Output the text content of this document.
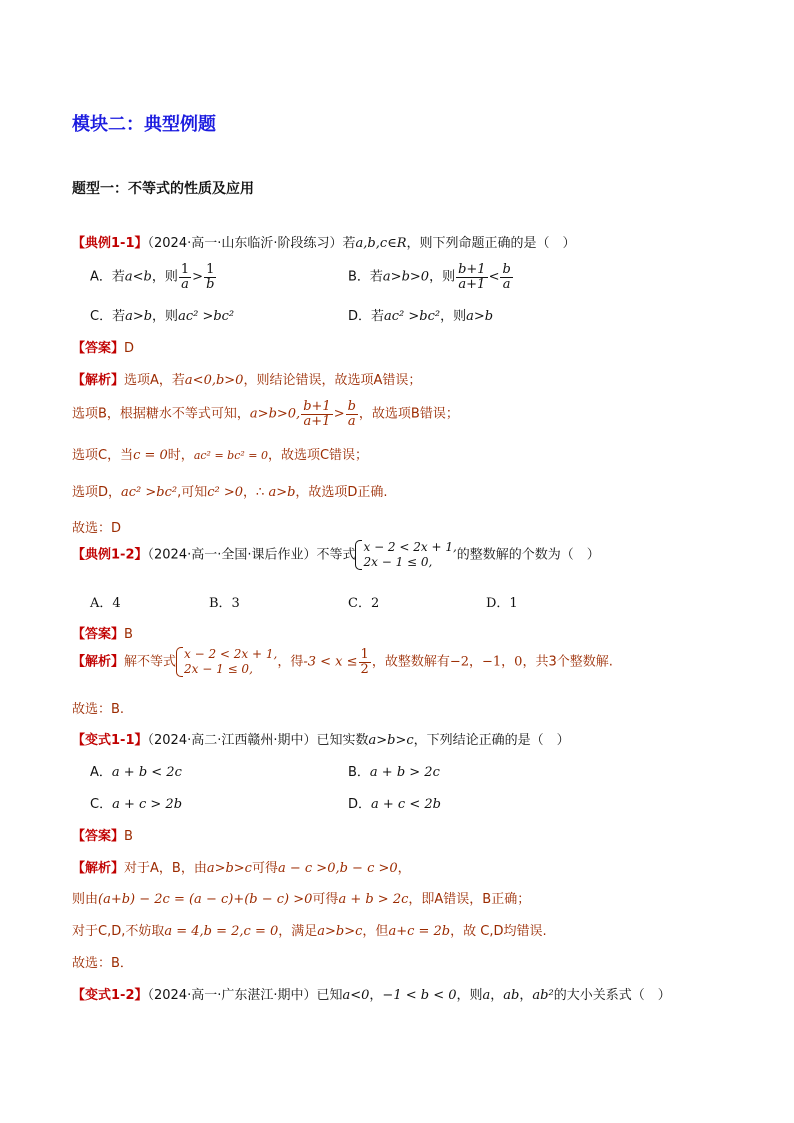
模块二：典型例题
题型一：不等式的性质及应用
【典例1-1】（2024·高一·山东临沂·阶段练习）若a,b,c∈R，则下列命题正确的是（　）
A．若a<b，则 $\frac{1}{a} > \frac{1}{b}$	B．若a>b>0，则 $\frac{b+1}{a+1} < \frac{b}{a}$
C．若a>b，则ac² >bc²	D．若ac² >bc²，则a>b
【答案】D
【解析】选项A，若a<0,b>0，则结论错误，故选项A错误；
选项B，根据糖水不等式可知，a>b>0, $\frac{b+1}{a+1} > \frac{b}{a}$ ，故选项B错误；
选项C，当c = 0时，ac² = bc² = 0，故选项C错误；
选项D，ac² >bc²,可知c² >0，∴ a>b，故选项D正确.
故选：D
【典例1-2】（2024·高一·全国·课后作业）不等式
x − 2 < 2x + 1,
2x − 1 ≤ 0,	的整数解的个数为（　）
A．4	B．3	C．2	D．1
【答案】B
【解析】解不等式
x − 2 < 2x + 1,
2x − 1 ≤ 0,	，得$-3 < x \le \frac{1}{2}$ ，故整数解有−2，−1，0，共3个整数解.
故选：B.
【变式1-1】（2024·高二·江西赣州·期中）已知实数a>b>c，下列结论正确的是（　）
A．a + b < 2c	B．a + b > 2c
C．a + c > 2b	D．a + c < 2b
【答案】B
【解析】对于A，B，由a>b>c可得a − c >0,b − c >0，
则由(a+b) − 2c = (a − c)+(b − c) >0可得a + b > 2c，即A错误，B正确；
对于C,D,不妨取a = 4,b = 2,c = 0，满足a>b>c，但a+c = 2b，故 C,D均错误.
故选：B．
【变式1-2】（2024·高一·广东湛江·期中）已知a<0，−1 < b < 0，则a，ab，ab²的大小关系式（　）
